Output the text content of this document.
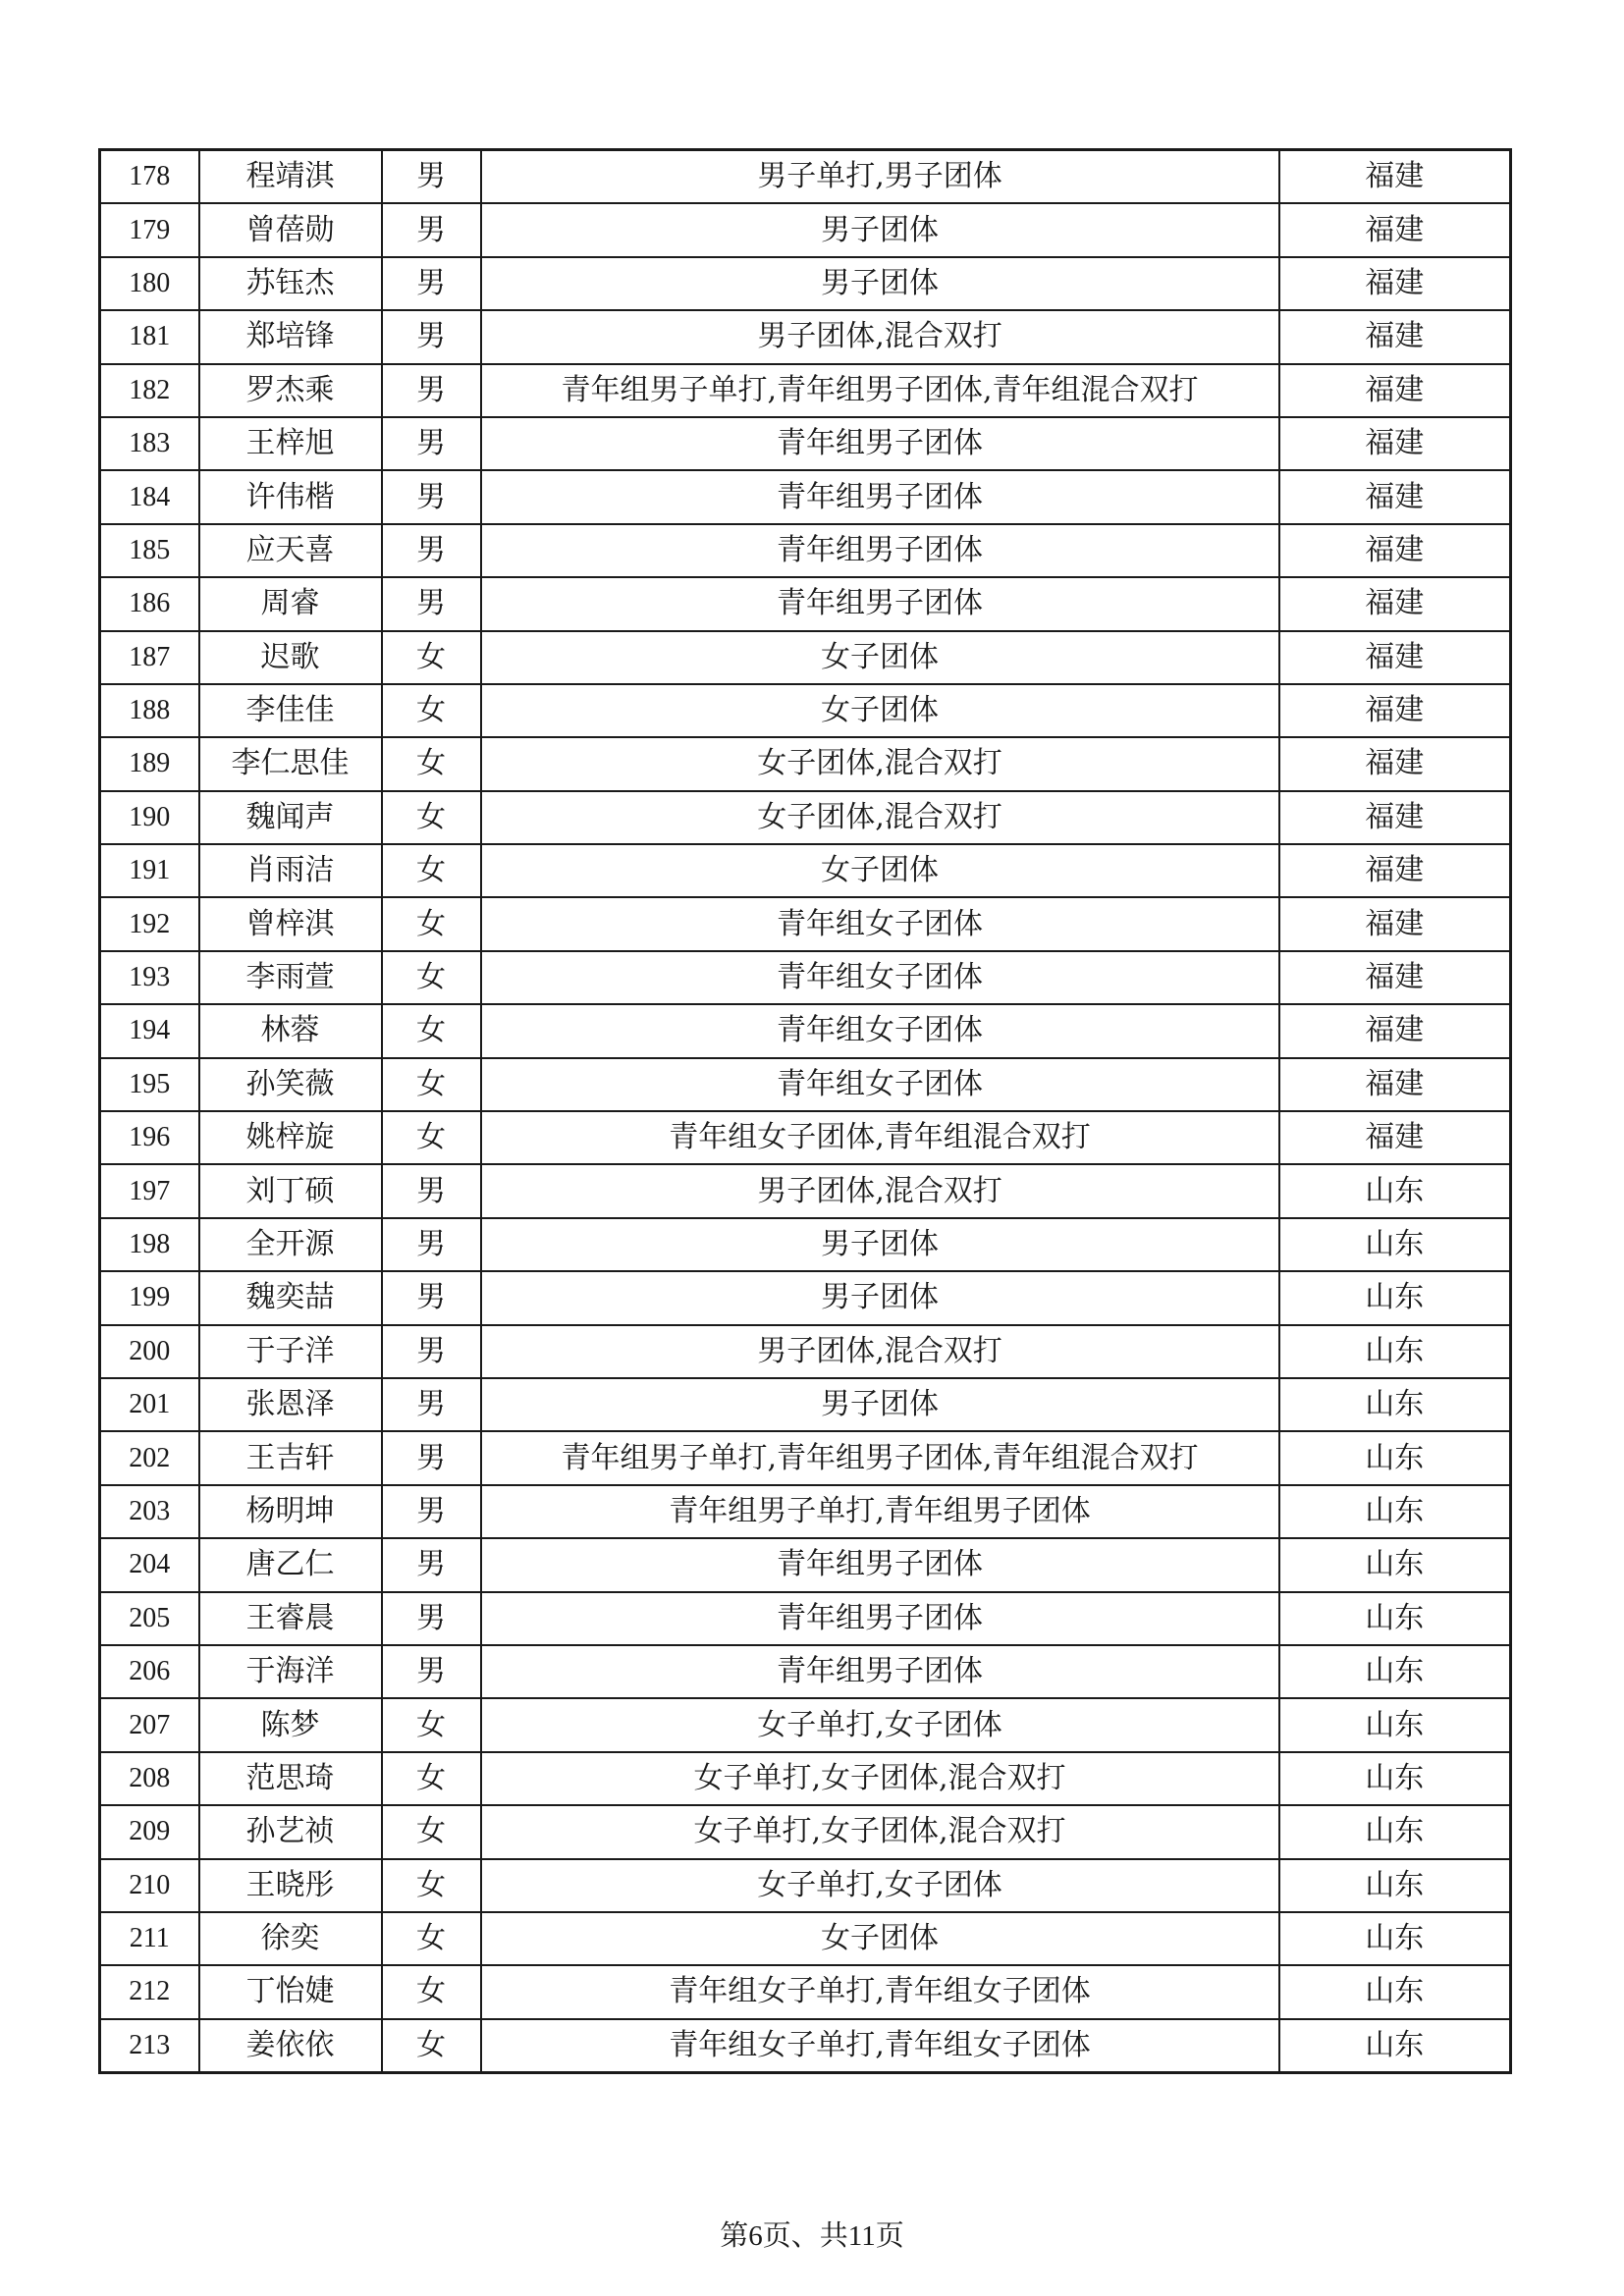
178	程靖淇	男	男子单打,男子团体	福建
179	曾蓓勋	男	男子团体	福建
180	苏钰杰	男	男子团体	福建
181	郑培锋	男	男子团体,混合双打	福建
182	罗杰乘	男	青年组男子单打,青年组男子团体,青年组混合双打	福建
183	王梓旭	男	青年组男子团体	福建
184	许伟楷	男	青年组男子团体	福建
185	应天喜	男	青年组男子团体	福建
186	周睿	男	青年组男子团体	福建
187	迟歌	女	女子团体	福建
188	李佳佳	女	女子团体	福建
189	李仁思佳	女	女子团体,混合双打	福建
190	魏闻声	女	女子团体,混合双打	福建
191	肖雨洁	女	女子团体	福建
192	曾梓淇	女	青年组女子团体	福建
193	李雨萱	女	青年组女子团体	福建
194	林蓉	女	青年组女子团体	福建
195	孙笑薇	女	青年组女子团体	福建
196	姚梓旋	女	青年组女子团体,青年组混合双打	福建
197	刘丁硕	男	男子团体,混合双打	山东
198	全开源	男	男子团体	山东
199	魏奕喆	男	男子团体	山东
200	于子洋	男	男子团体,混合双打	山东
201	张恩泽	男	男子团体	山东
202	王吉轩	男	青年组男子单打,青年组男子团体,青年组混合双打	山东
203	杨明坤	男	青年组男子单打,青年组男子团体	山东
204	唐乙仁	男	青年组男子团体	山东
205	王睿晨	男	青年组男子团体	山东
206	于海洋	男	青年组男子团体	山东
207	陈梦	女	女子单打,女子团体	山东
208	范思琦	女	女子单打,女子团体,混合双打	山东
209	孙艺祯	女	女子单打,女子团体,混合双打	山东
210	王晓彤	女	女子单打,女子团体	山东
211	徐奕	女	女子团体	山东
212	丁怡婕	女	青年组女子单打,青年组女子团体	山东
213	姜依依	女	青年组女子单打,青年组女子团体	山东
第6页、共11页
